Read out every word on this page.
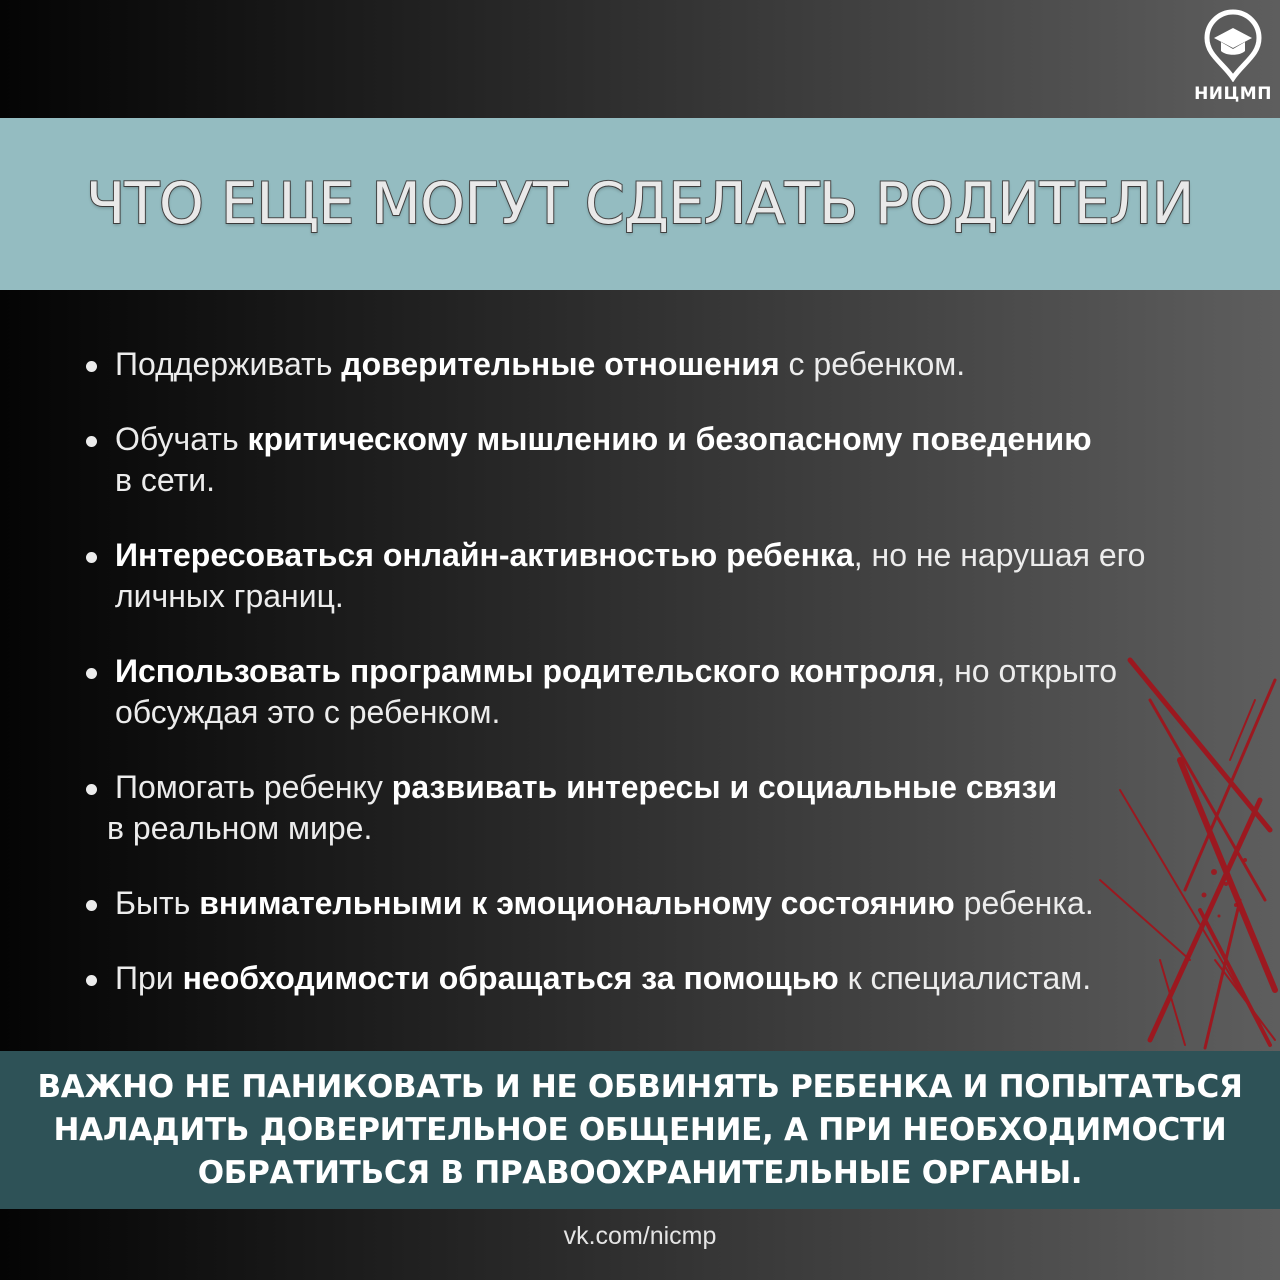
НИЦМП
ЧТО ЕЩЕ МОГУТ СДЕЛАТЬ РОДИТЕЛИ
Поддерживать доверительные отношения с ребенком.
Обучать критическому мышлению и безопасному поведению
в сети.
Интересоваться онлайн-активностью ребенка, но не нарушая его
личных границ.
Использовать программы родительского контроля, но открыто
обсуждая это с ребенком.
Помогать ребенку развивать интересы и социальные связи
в реальном мире.
Быть внимательными к эмоциональному состоянию ребенка.
При необходимости обращаться за помощью к специалистам.

ВАЖНО НЕ ПАНИКОВАТЬ И НЕ ОБВИНЯТЬ РЕБЕНКА И ПОПЫТАТЬСЯ НАЛАДИТЬ ДОВЕРИТЕЛЬНОЕ ОБЩЕНИЕ, А ПРИ НЕОБХОДИМОСТИ ОБРАТИТЬСЯ В ПРАВООХРАНИТЕЛЬНЫЕ ОРГАНЫ.

vk.com/nicmp
